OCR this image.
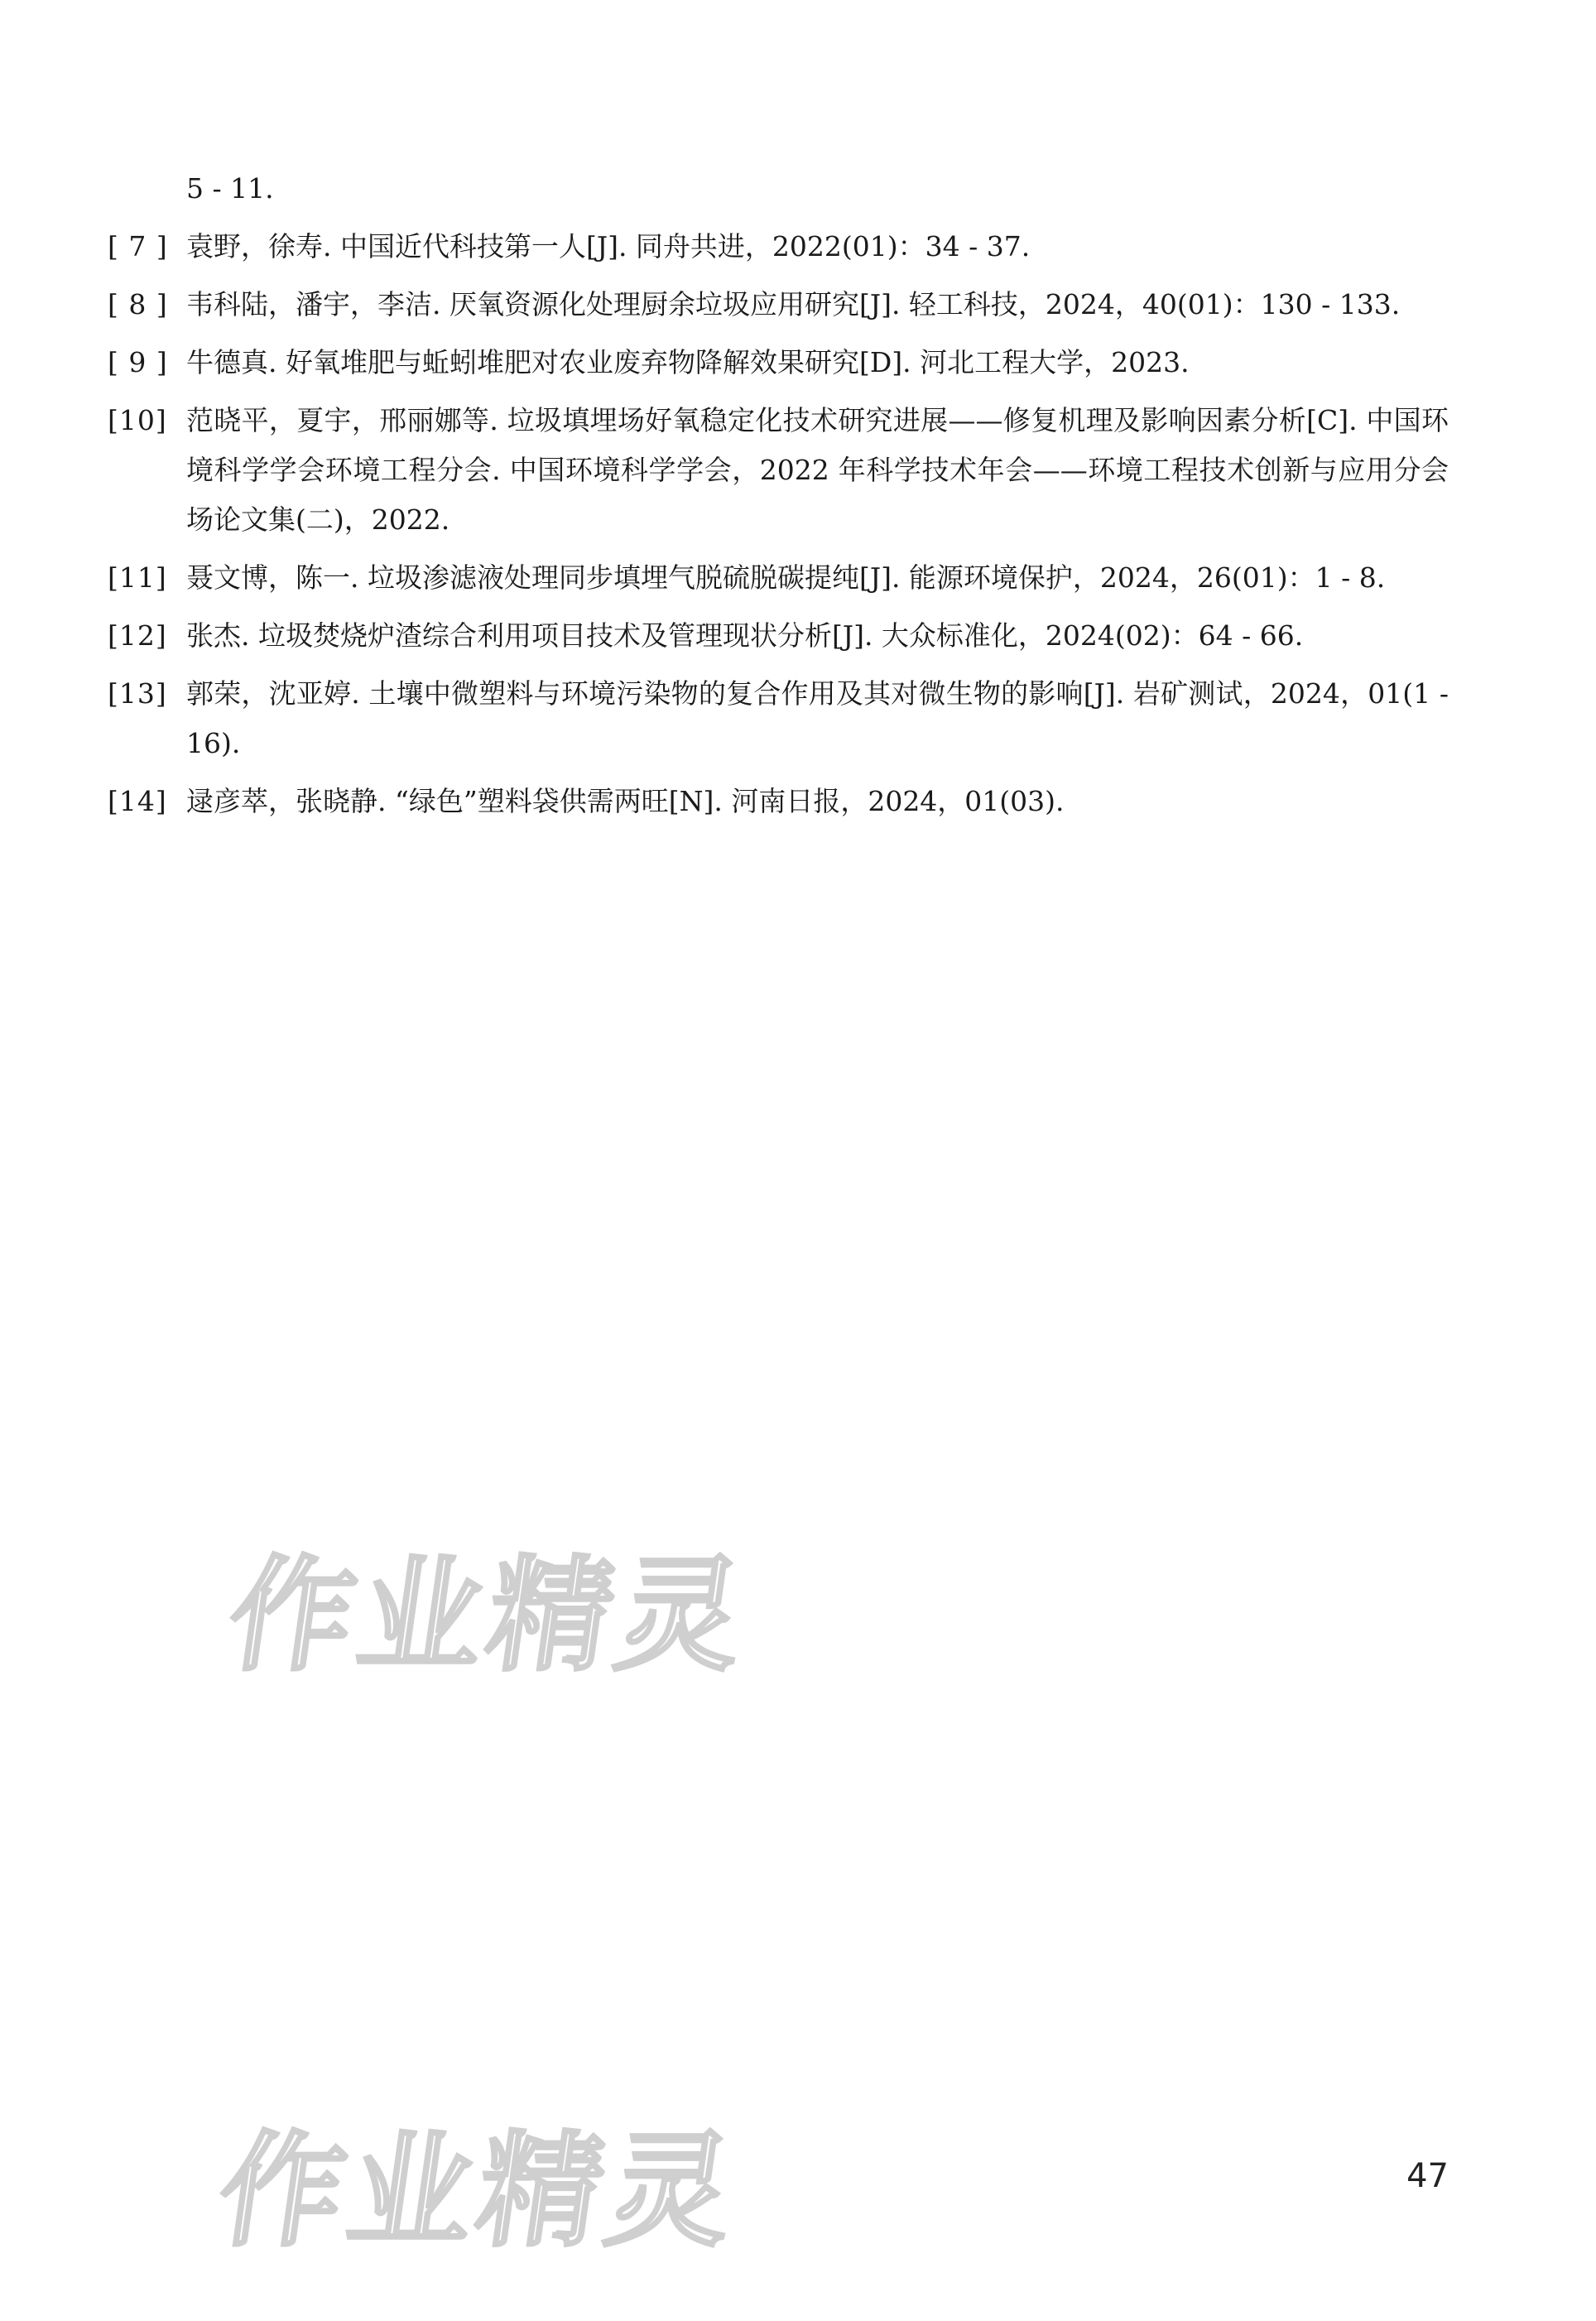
5 - 11.
[ 7 ] 袁野，徐寿. 中国近代科技第一人[J]. 同舟共进，2022(01)：34 - 37.
[ 8 ] 韦科陆，潘宇，李洁. 厌氧资源化处理厨余垃圾应用研究[J]. 轻工科技，2024，40(01)：130 - 133.
[ 9 ] 牛德真. 好氧堆肥与蚯蚓堆肥对农业废弃物降解效果研究[D]. 河北工程大学，2023.
[10] 范晓平，夏宇，邢丽娜等. 垃圾填埋场好氧稳定化技术研究进展——修复机理及影响因素分析[C]. 中国环境科学学会环境工程分会. 中国环境科学学会，2022 年科学技术年会——环境工程技术创新与应用分会场论文集(二)，2022.
[11] 聂文博，陈一. 垃圾渗滤液处理同步填埋气脱硫脱碳提纯[J]. 能源环境保护，2024，26(01)：1 - 8.
[12] 张杰. 垃圾焚烧炉渣综合利用项目技术及管理现状分析[J]. 大众标准化，2024(02)：64 - 66.
[13] 郭荣，沈亚婷. 土壤中微塑料与环境污染物的复合作用及其对微生物的影响[J]. 岩矿测试，2024，01(1 - 16).
[14] 逯彦萃，张晓静. “绿色”塑料袋供需两旺[N]. 河南日报，2024，01(03).
作业精灵
作业精灵	47
